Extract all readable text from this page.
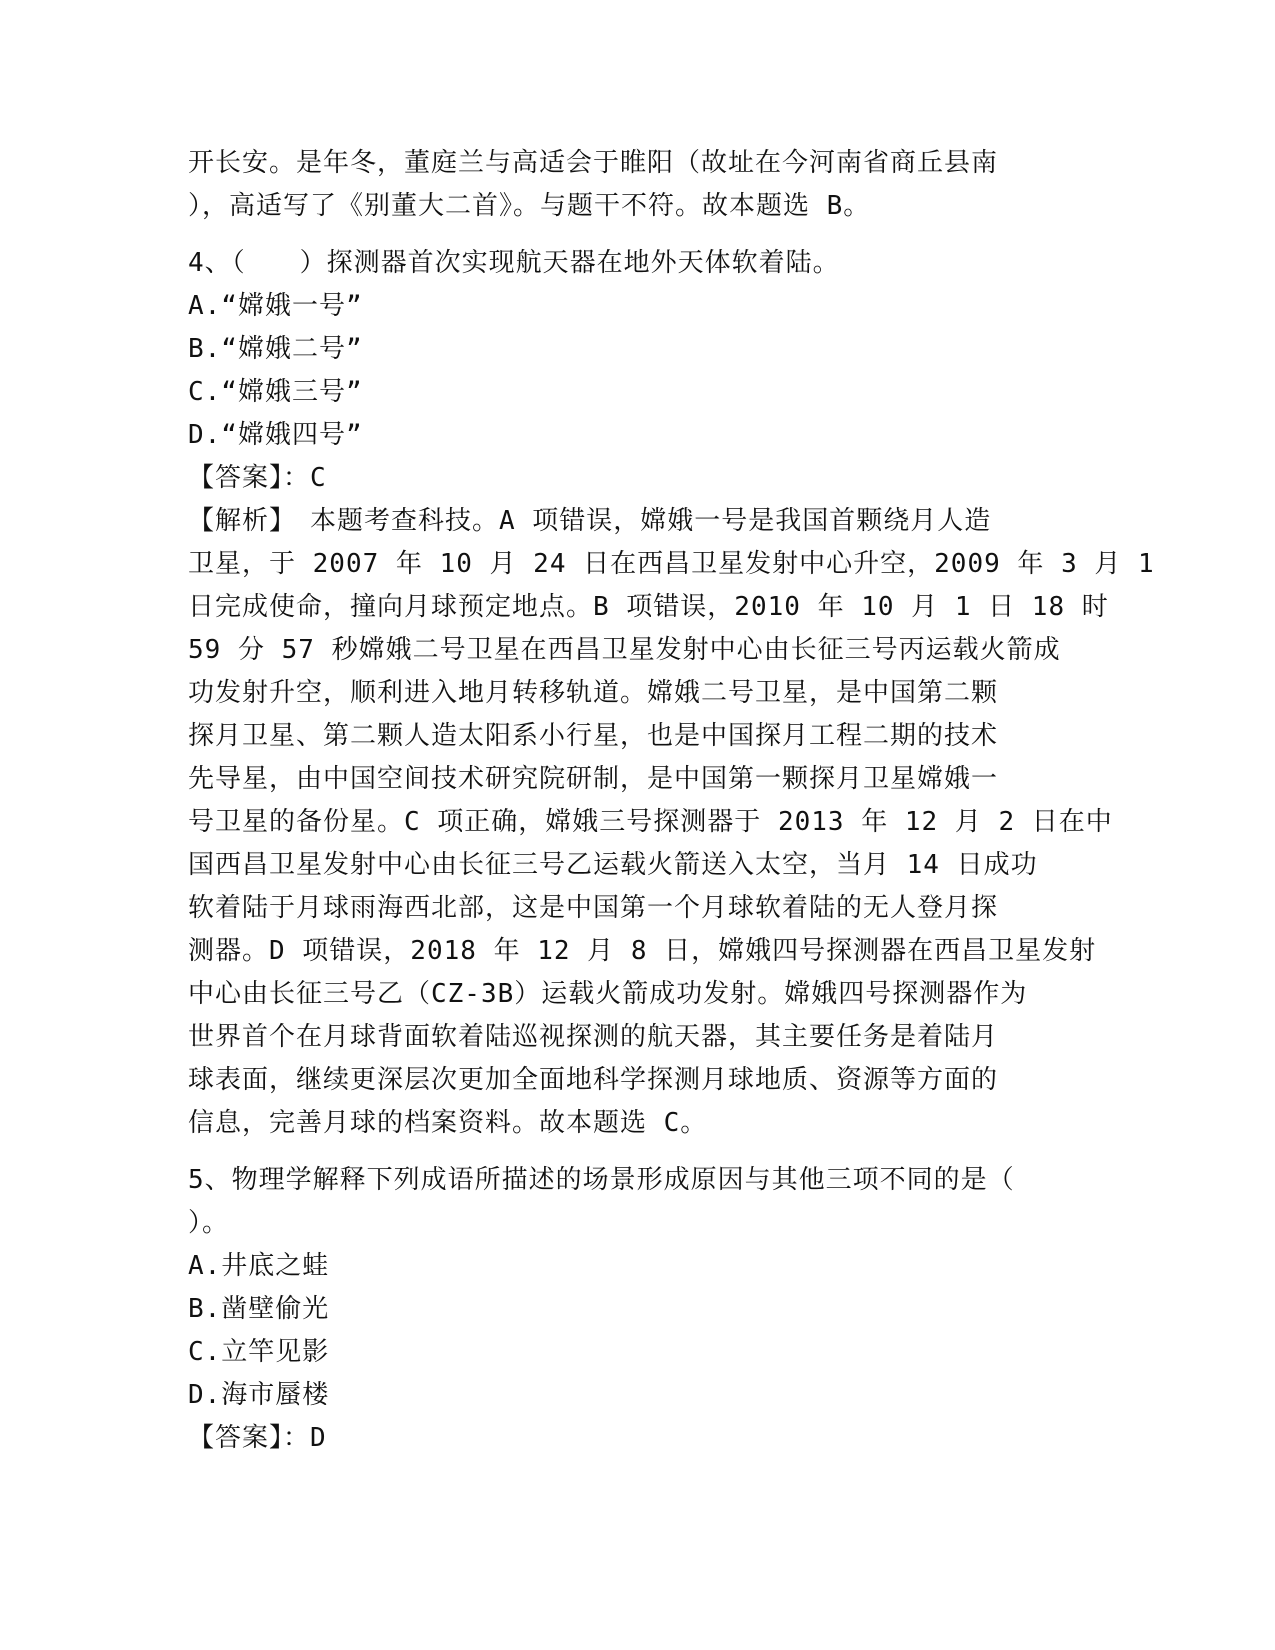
开长安。是年冬，董庭兰与高适会于睢阳（故址在今河南省商丘县南
），高适写了《别董大二首》。与题干不符。故本题选 B。
4、（　　）探测器首次实现航天器在地外天体软着陆。
A.“嫦娥一号”
B.“嫦娥二号”
C.“嫦娥三号”
D.“嫦娥四号”
【答案】：C
【解析】　本题考查科技。A 项错误，嫦娥一号是我国首颗绕月人造
卫星，于 2007 年 10 月 24 日在西昌卫星发射中心升空，2009 年 3 月 1
日完成使命，撞向月球预定地点。B 项错误，2010 年 10 月 1 日 18 时
59 分 57 秒嫦娥二号卫星在西昌卫星发射中心由长征三号丙运载火箭成
功发射升空，顺利进入地月转移轨道。嫦娥二号卫星，是中国第二颗
探月卫星、第二颗人造太阳系小行星，也是中国探月工程二期的技术
先导星，由中国空间技术研究院研制，是中国第一颗探月卫星嫦娥一
号卫星的备份星。C 项正确，嫦娥三号探测器于 2013 年 12 月 2 日在中
国西昌卫星发射中心由长征三号乙运载火箭送入太空，当月 14 日成功
软着陆于月球雨海西北部，这是中国第一个月球软着陆的无人登月探
测器。D 项错误，2018 年 12 月 8 日，嫦娥四号探测器在西昌卫星发射
中心由长征三号乙（CZ-3B）运载火箭成功发射。嫦娥四号探测器作为
世界首个在月球背面软着陆巡视探测的航天器，其主要任务是着陆月
球表面，继续更深层次更加全面地科学探测月球地质、资源等方面的
信息，完善月球的档案资料。故本题选 C。
5、物理学解释下列成语所描述的场景形成原因与其他三项不同的是（
）。
A.井底之蛙
B.凿壁偷光
C.立竿见影
D.海市蜃楼
【答案】：D
